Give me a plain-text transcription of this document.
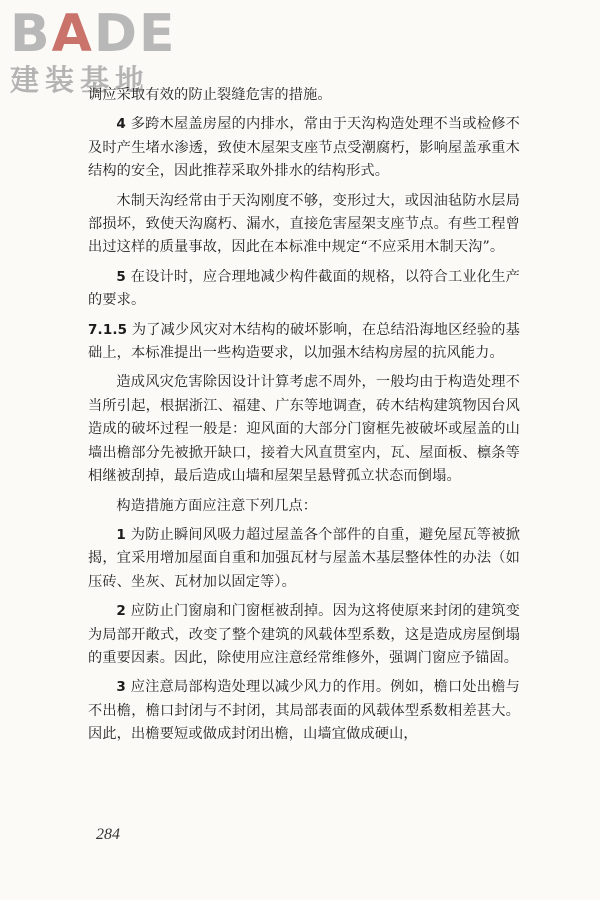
BADE
建装基地

调应采取有效的防止裂缝危害的措施。

4 多跨木屋盖房屋的内排水，常由于天沟构造处理不当或检修不及时产生堵水渗透，致使木屋架支座节点受潮腐朽，影响屋盖承重木结构的安全，因此推荐采取外排水的结构形式。

木制天沟经常由于天沟刚度不够，变形过大，或因油毡防水层局部损坏，致使天沟腐朽、漏水，直接危害屋架支座节点。有些工程曾出过这样的质量事故，因此在本标准中规定“不应采用木制天沟”。

5 在设计时，应合理地减少构件截面的规格，以符合工业化生产的要求。

7.1.5 为了减少风灾对木结构的破坏影响，在总结沿海地区经验的基础上，本标准提出一些构造要求，以加强木结构房屋的抗风能力。

造成风灾危害除因设计计算考虑不周外，一般均由于构造处理不当所引起，根据浙江、福建、广东等地调查，砖木结构建筑物因台风造成的破坏过程一般是：迎风面的大部分门窗框先被破坏或屋盖的山墙出檐部分先被掀开缺口，接着大风直贯室内，瓦、屋面板、檩条等相继被刮掉，最后造成山墙和屋架呈悬臂孤立状态而倒塌。

构造措施方面应注意下列几点：

1 为防止瞬间风吸力超过屋盖各个部件的自重，避免屋瓦等被掀揭，宜采用增加屋面自重和加强瓦材与屋盖木基层整体性的办法（如压砖、坐灰、瓦材加以固定等）。

2 应防止门窗扇和门窗框被刮掉。因为这将使原来封闭的建筑变为局部开敞式，改变了整个建筑的风载体型系数，这是造成房屋倒塌的重要因素。因此，除使用应注意经常维修外，强调门窗应予锚固。

3 应注意局部构造处理以减少风力的作用。例如，檐口处出檐与不出檐，檐口封闭与不封闭，其局部表面的风载体型系数相差甚大。因此，出檐要短或做成封闭出檐，山墙宜做成硬山，

284
